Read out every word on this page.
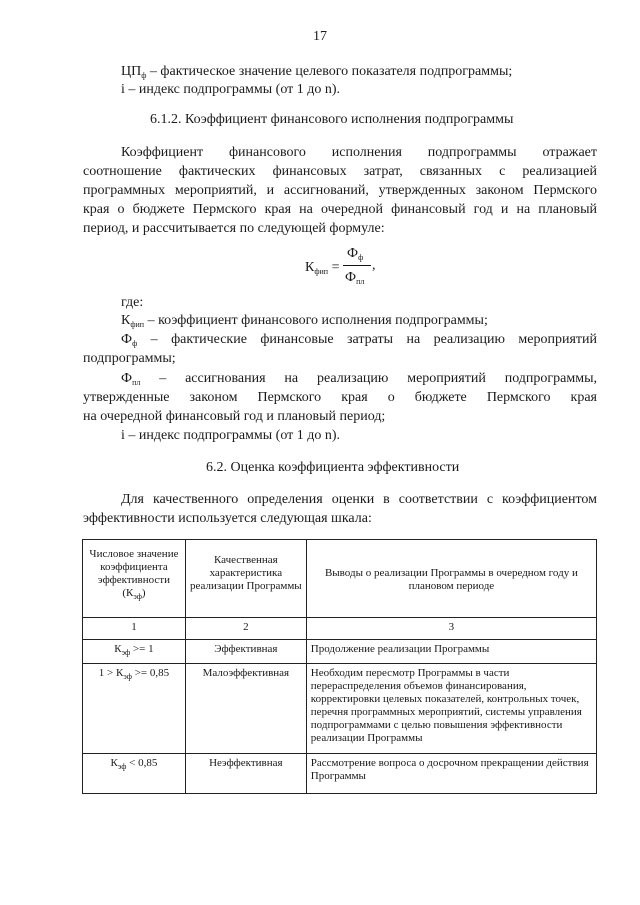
17
$ЦП_ф$ – фактическое значение целевого показателя подпрограммы;
i – индекс подпрограммы (от 1 до n).
6.1.2. Коэффициент финансового исполнения подпрограммы
Коэффициент финансового исполнения подпрограммы отражает
соотношение фактических финансовых затрат, связанных с реализацией
программных мероприятий, и ассигнований, утвержденных законом Пермского
края о бюджете Пермского края на очередной финансовый год и на плановый
период, и рассчитывается по следующей формуле:
$К_{фип}$ =
$Ф_ф$
$Ф_{пл}$
,
где:
$К_{фип}$ – коэффициент финансового исполнения подпрограммы;
$Ф_ф$ – фактические финансовые затраты на реализацию мероприятий
подпрограммы;
$Ф_{пл}$ – ассигнования на реализацию мероприятий подпрограммы,
утвержденные законом Пермского края о бюджете Пермского края
на очередной финансовый год и плановый период;
i – индекс подпрограммы (от 1 до n).
6.2. Оценка коэффициента эффективности
Для качественного определения оценки в соответствии с коэффициентом
эффективности используется следующая шкала:
Числовое значение коэффициента эффективности $(К_{эф})$	Качественная характеристика реализации Программы	Выводы о реализации Программы в очередном году и плановом периоде
1	2	3
$К_{эф} >= 1$	Эффективная	Продолжение реализации Программы
$1 > К_{эф} >= 0,85$	Малоэффективная	Необходим пересмотр Программы в части перераспределения объемов финансирования, корректировки целевых показателей, контрольных точек, перечня программных мероприятий, системы управления подпрограммами с целью повышения эффективности реализации Программы
$К_{эф} < 0,85$	Неэффективная	Рассмотрение вопроса о досрочном прекращении действия Программы
